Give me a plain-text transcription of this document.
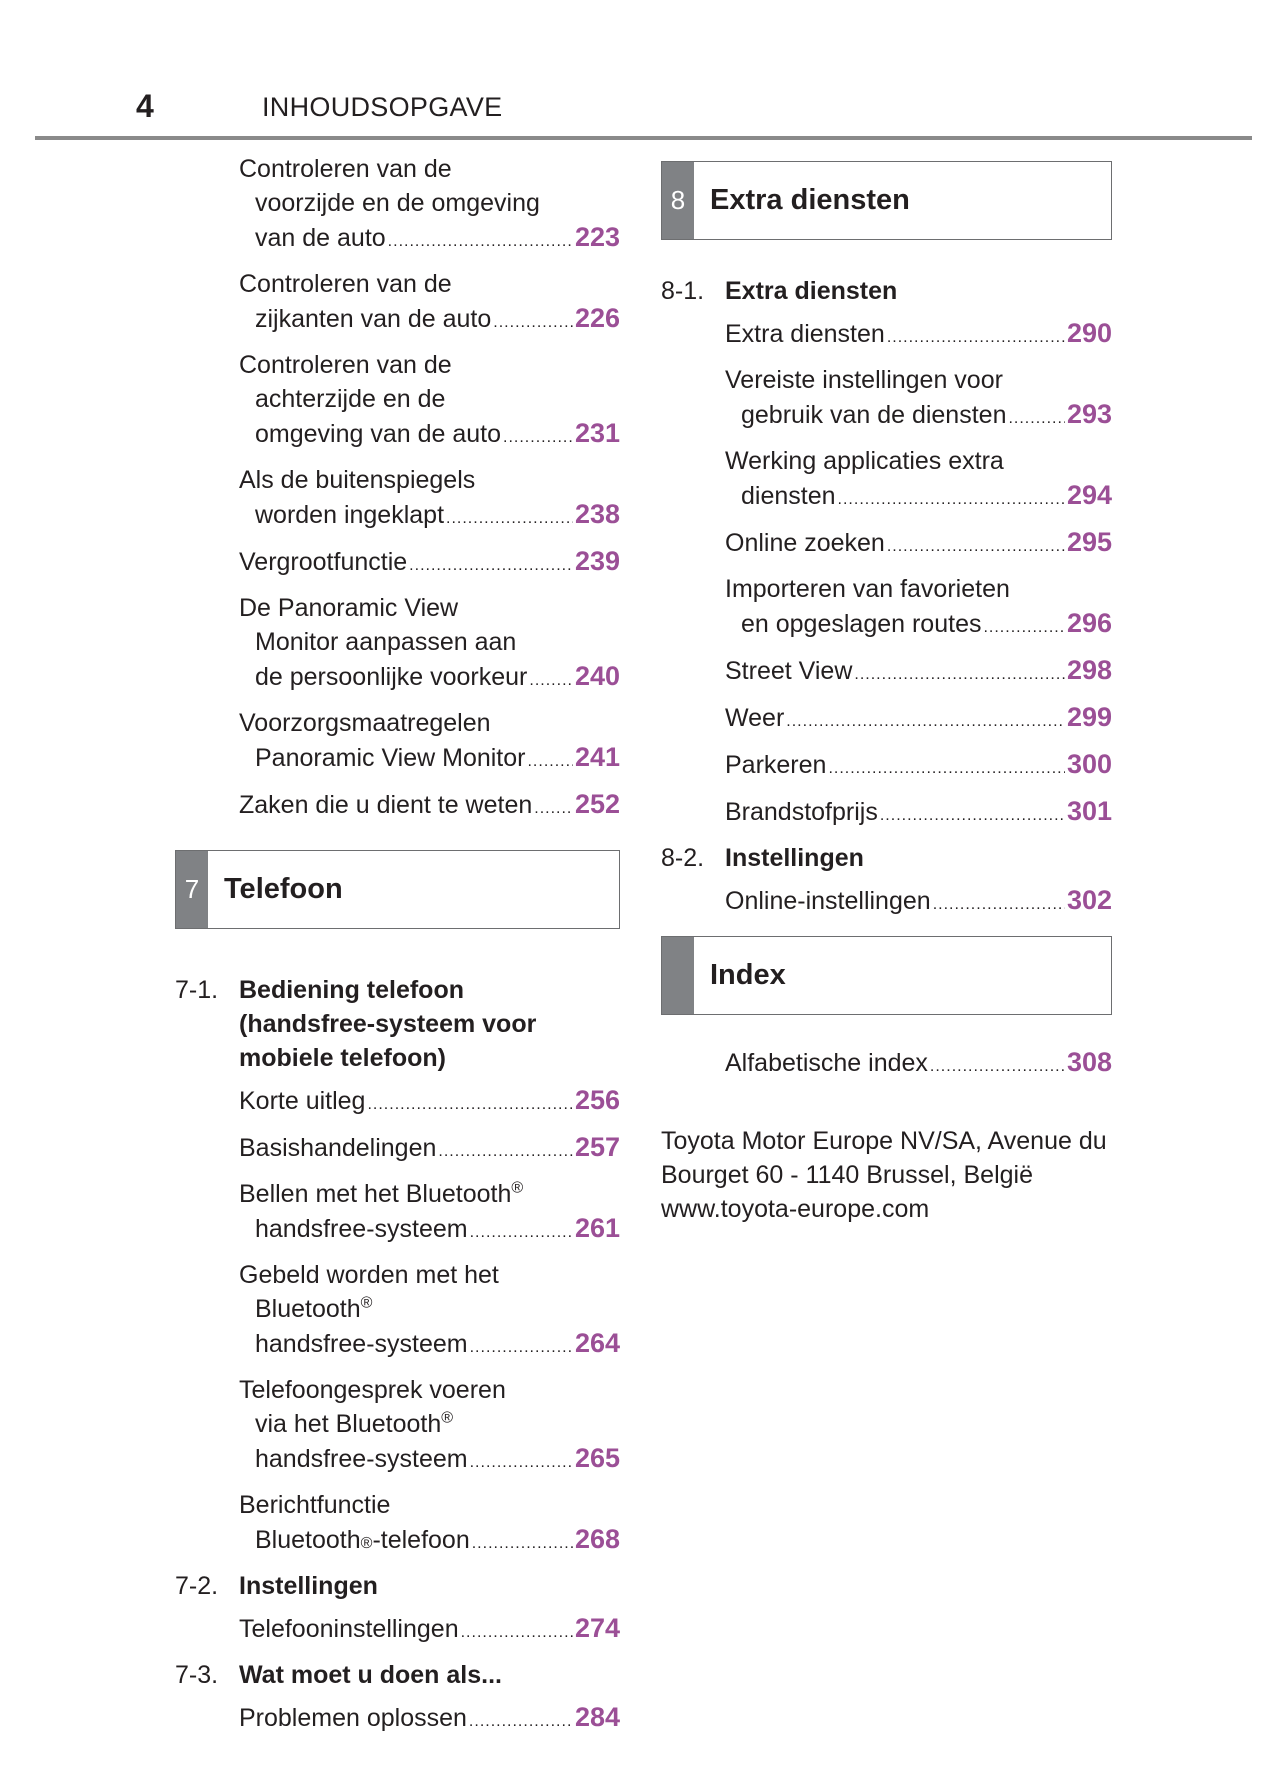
4	INHOUDSOPGAVE
Controleren van de
voorzijde en de omgeving
van de auto .....	223
Controleren van de
zijkanten van de auto .....	226
Controleren van de
achterzijde en de
omgeving van de auto .....	231
Als de buitenspiegels
worden ingeklapt .....	238
Vergrootfunctie .....	239
De Panoramic View
Monitor aanpassen aan
de persoonlijke voorkeur ..... 240
Voorzorgsmaatregelen
Panoramic View Monitor ..... 241
Zaken die u dient te weten ..... 252
7 Telefoon
7-1. Bediening telefoon
(handsfree-systeem voor
mobiele telefoon)
Korte uitleg .....	256
Basishandelingen .....	257
Bellen met het Bluetooth®
handsfree-systeem .....	261
Gebeld worden met het
Bluetooth®
handsfree-systeem .....	264
Telefoongesprek voeren
via het Bluetooth®
handsfree-systeem .....	265
Berichtfunctie
Bluetooth ® -telefoon .....	268
7-2. Instellingen
Telefooninstellingen .....	274
7-3. Wat moet u doen als...
Problemen oplossen .....	284
8 Extra diensten
8-1. Extra diensten
Extra diensten .....	290
Vereiste instellingen voor
gebruik van de diensten ..... 293
Werking applicaties extra
diensten .....	294
Online zoeken .....	295
Importeren van favorieten
en opgeslagen routes .....	296
Street View .....	298
Weer .....	299
Parkeren .....	300
Brandstofprijs .....	301
8-2. Instellingen
Online-instellingen .....	302
Index
Alfabetische index .....	308
Toyota Motor Europe NV/SA, Avenue du
Bourget 60 - 1140 Brussel, België
www.toyota-europe.com
